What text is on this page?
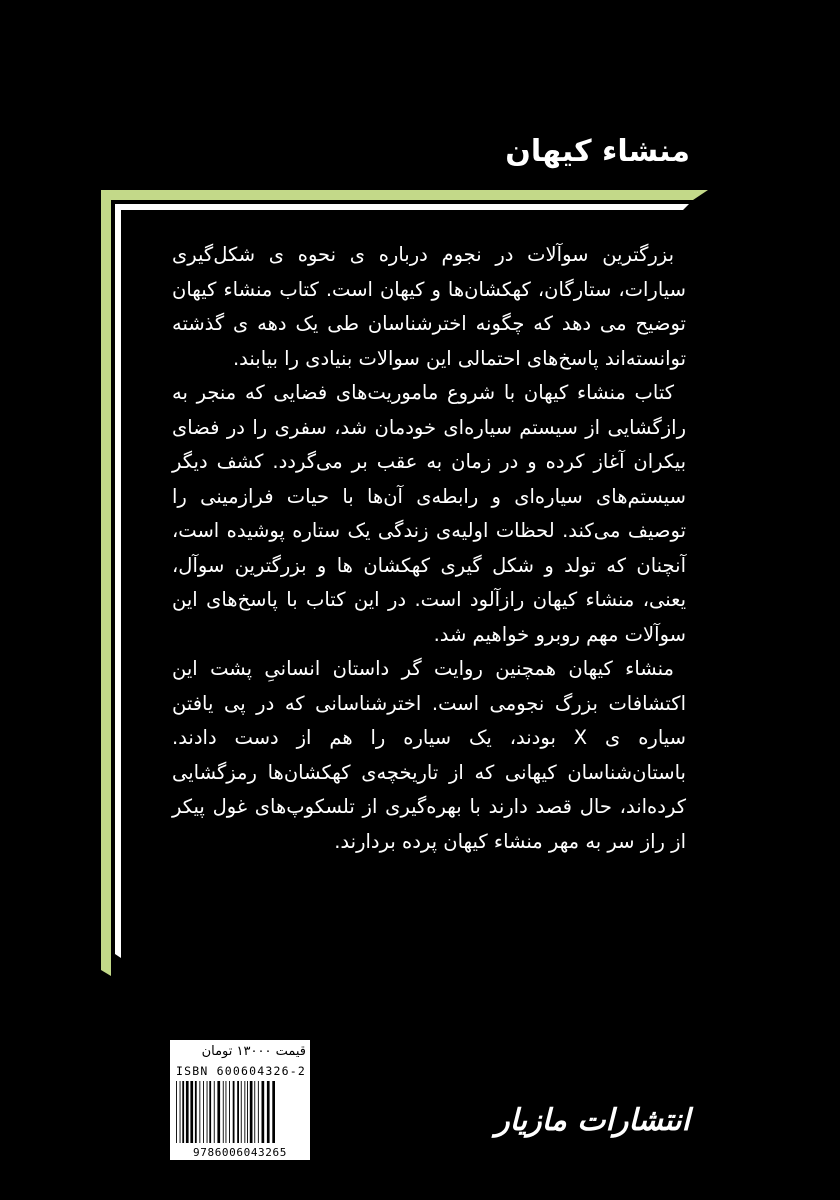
منشاء کیهان

بزرگترین سوآلات در نجوم درباره ی نحوه ی شکل‌گیری سیارات، ستارگان، کهکشان‌ها و کیهان است. کتاب منشاء کیهان توضیح می دهد که چگونه اخترشناسان طی یک دهه ی گذشته توانسته‌اند پاسخ‌های احتمالی این سوالات بنیادی را بیابند.

کتاب منشاء کیهان با شروع ماموریت‌های فضایی که منجر به رازگشایی از سیستم سیاره‌ای خودمان شد، سفری را در فضای بیکران آغاز کرده و در زمان به عقب بر می‌گردد. کشف دیگر سیستم‌های سیاره‌ای و رابطه‌ی آن‌ها با حیات فرازمینی را توصیف می‌کند. لحظات اولیه‌ی زندگی یک ستاره پوشیده است، آنچنان که تولد و شکل گیری کهکشان ها و بزرگترین سوآل، یعنی، منشاء کیهان رازآلود است. در این کتاب با پاسخ‌های این سوآلات مهم روبرو خواهیم شد.

منشاء کیهان همچنین روایت گر داستان انسانیِ پشت این اکتشافات بزرگ نجومی است. اخترشناسانی که در پی یافتن سیاره ی X بودند، یک سیاره را هم از دست دادند. باستان‌شناسان کیهانی که از تاریخچه‌ی کهکشان‌ها رمزگشایی کرده‌اند، حال قصد دارند با بهره‌گیری از تلسکوپ‌های غول پیکر از راز سر به مهر منشاء کیهان پرده بردارند.

قیمت ۱۳۰۰۰ تومان
ISBN 600604326-2
9786006043265
انتشارات مازیار
